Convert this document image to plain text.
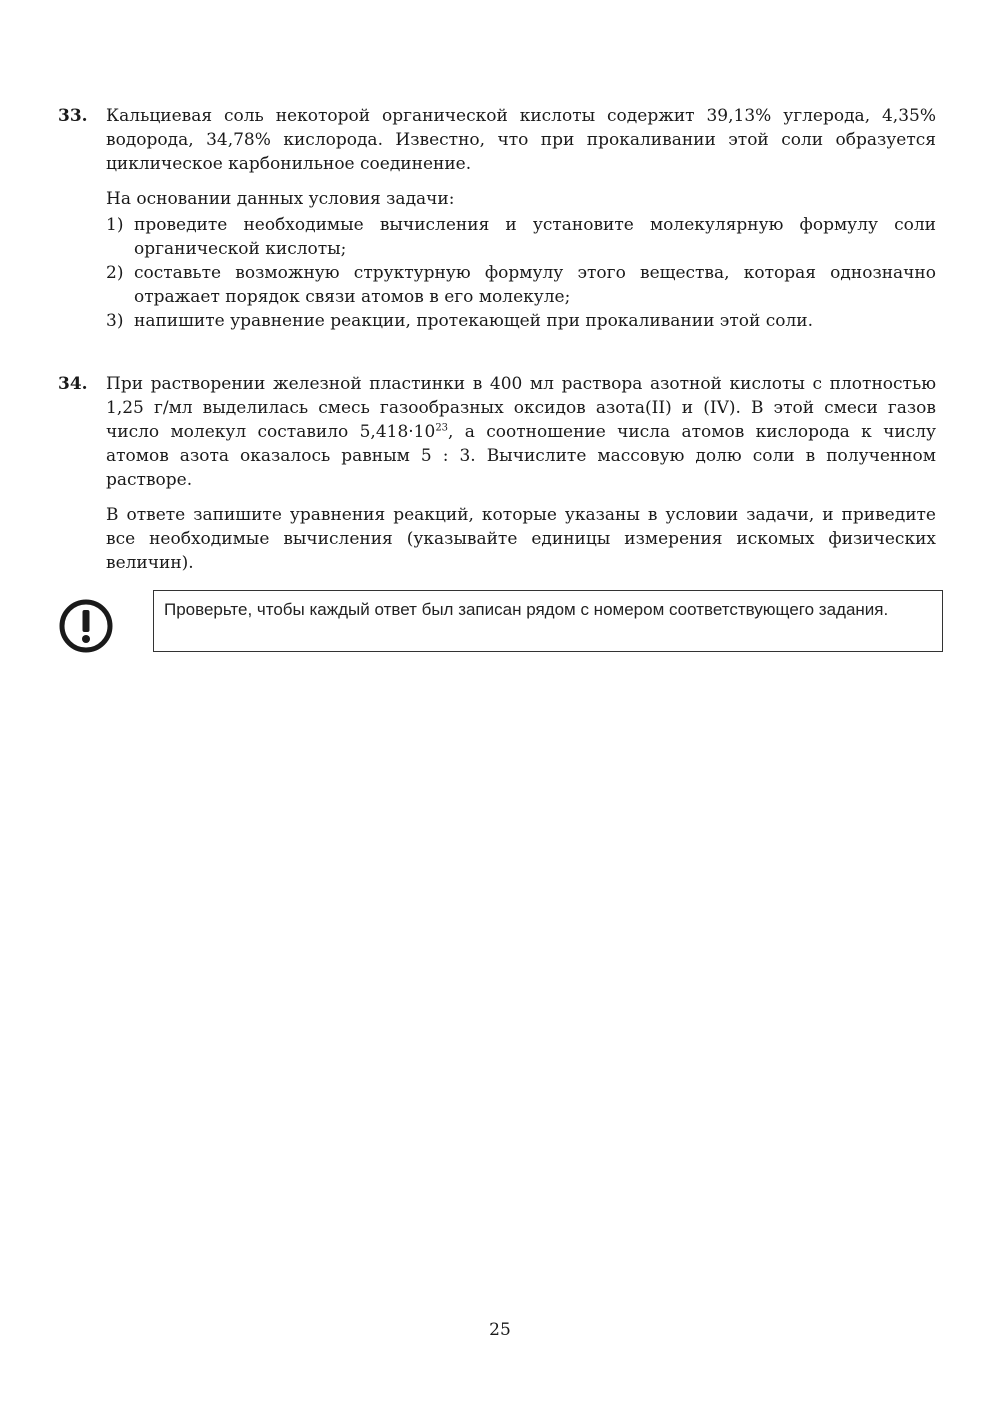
33. Кальциевая соль некоторой органической кислоты содержит 39,13% углерода, 4,35% водорода, 34,78% кислорода. Известно, что при прокаливании этой соли образуется циклическое карбонильное соединение.

На основании данных условия задачи:

1) проведите необходимые вычисления и установите молекулярную формулу соли органической кислоты;
2) составьте возможную структурную формулу этого вещества, которая однозначно отражает порядок связи атомов в его молекуле;
3) напишите уравнение реакции, протекающей при прокаливании этой соли.
34. При растворении железной пластинки в 400 мл раствора азотной кислоты с плотностью 1,25 г/мл выделилась смесь газообразных оксидов азота(II) и (IV). В этой смеси газов число молекул составило $5,418\cdot 10^{23}$, а соотношение числа атомов кислорода к числу атомов азота оказалось равным 5 : 3. Вычислите массовую долю соли в полученном растворе.

В ответе запишите уравнения реакций, которые указаны в условии задачи, и приведите все необходимые вычисления (указывайте единицы измерения искомых физических величин).

Проверьте, чтобы каждый ответ был записан рядом с номером соответствующего задания.
25
